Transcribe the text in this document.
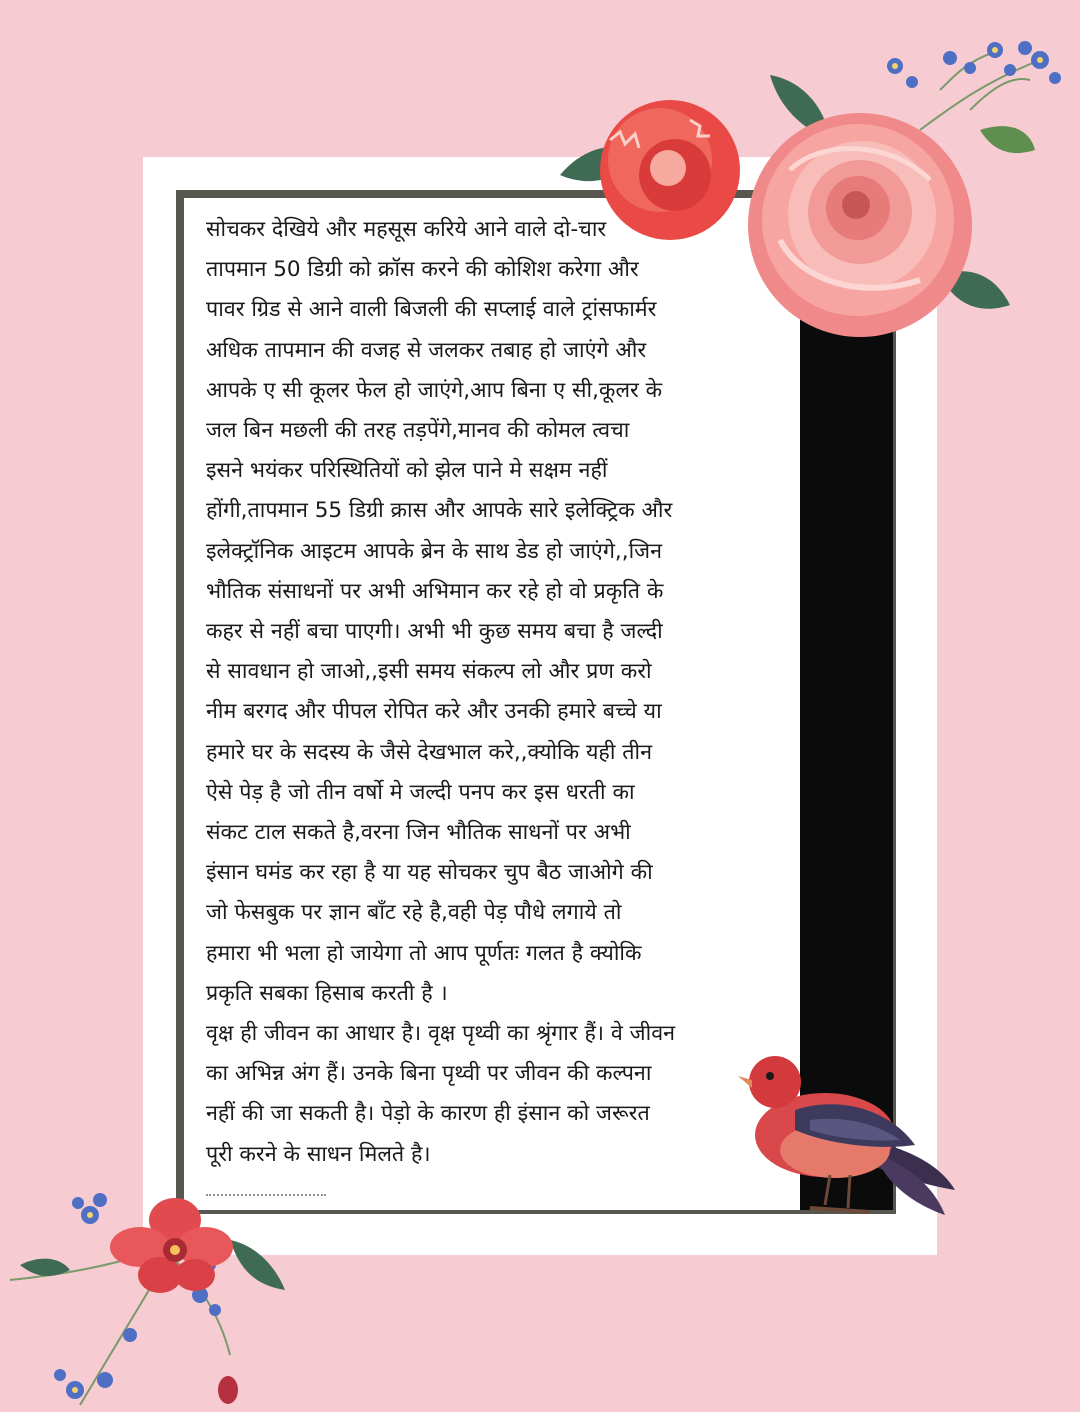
सोचकर देखिये और महसूस करिये आने वाले दो-चार
तापमान 50 डिग्री को क्रॉस करने की कोशिश करेगा और
पावर ग्रिड से आने वाली बिजली की सप्लाई वाले ट्रांसफार्मर
अधिक तापमान की वजह से जलकर तबाह हो जाएंगे और
आपके ए सी कूलर फेल हो जाएंगे,आप बिना ए सी,कूलर के
जल बिन मछली की तरह तड़पेंगे,मानव की कोमल त्वचा
इसने भयंकर परिस्थितियों को झेल पाने मे सक्षम नहीं
होंगी,तापमान 55 डिग्री क्रास और आपके सारे इलेक्ट्रिक और
इलेक्ट्रॉनिक आइटम आपके ब्रेन के साथ डेड हो जाएंगे,,जिन
भौतिक संसाधनों पर अभी अभिमान कर रहे हो वो प्रकृति के
कहर से नहीं बचा पाएगी। अभी भी कुछ समय बचा है जल्दी
से सावधान हो जाओ,,इसी समय संकल्प लो और प्रण करो
नीम बरगद और पीपल रोपित करे और उनकी हमारे बच्चे या
हमारे घर के सदस्य के जैसे देखभाल करे,,क्योकि यही तीन
ऐसे पेड़ है जो तीन वर्षो मे जल्दी पनप कर इस धरती का
संकट टाल सकते है,वरना जिन भौतिक साधनों पर अभी
इंसान घमंड कर रहा है या यह सोचकर चुप बैठ जाओगे की
जो फेसबुक पर ज्ञान बाँट रहे है,वही पेड़ पौधे लगाये तो
हमारा भी भला हो जायेगा तो आप पूर्णतः गलत है क्योकि
प्रकृति सबका हिसाब करती है ।
वृक्ष ही जीवन का आधार है। वृक्ष पृथ्वी का श्रृंगार हैं। वे जीवन
का अभिन्न अंग हैं। उनके बिना पृथ्वी पर जीवन की कल्पना
नहीं की जा सकती है। पेड़ो के कारण ही इंसान को जरूरत
पूरी करने के साधन मिलते है।
